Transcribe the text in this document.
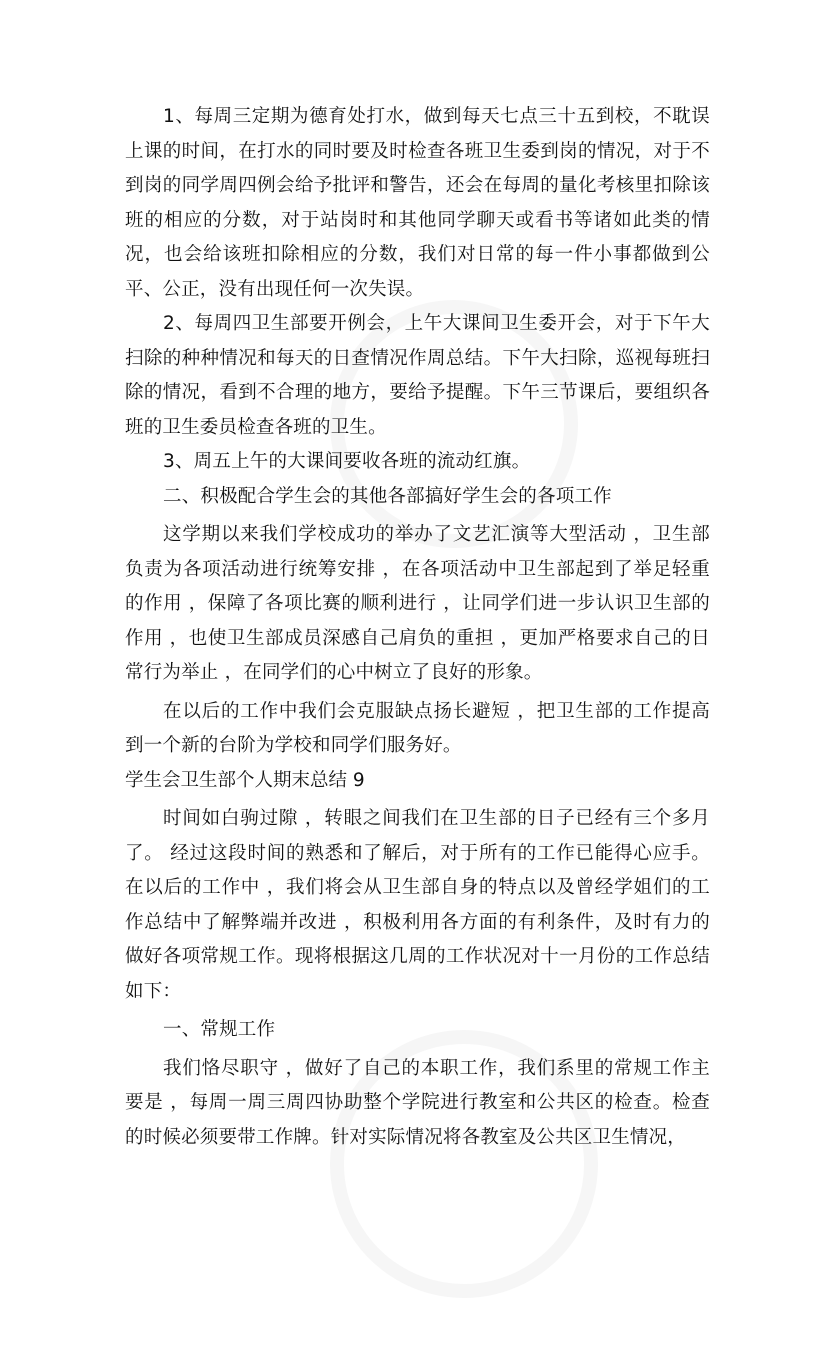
1、每周三定期为德育处打水，做到每天七点三十五到校，不耽误上课的时间，在打水的同时要及时检查各班卫生委到岗的情况，对于不到岗的同学周四例会给予批评和警告，还会在每周的量化考核里扣除该班的相应的分数，对于站岗时和其他同学聊天或看书等诸如此类的情况，也会给该班扣除相应的分数，我们对日常的每一件小事都做到公平、公正，没有出现任何一次失误。

2、每周四卫生部要开例会，上午大课间卫生委开会，对于下午大扫除的种种情况和每天的日查情况作周总结。下午大扫除，巡视每班扫除的情况，看到不合理的地方，要给予提醒。下午三节课后，要组织各班的卫生委员检查各班的卫生。

3、周五上午的大课间要收各班的流动红旗。

二、积极配合学生会的其他各部搞好学生会的各项工作

这学期以来我们学校成功的举办了文艺汇演等大型活动 ，卫生部负责为各项活动进行统筹安排 ，在各项活动中卫生部起到了举足轻重的作用 ，保障了各项比赛的顺利进行 ，让同学们进一步认识卫生部的作用 ，也使卫生部成员深感自己肩负的重担 ，更加严格要求自己的日常行为举止 ，在同学们的心中树立了良好的形象。

在以后的工作中我们会克服缺点扬长避短 ，把卫生部的工作提高到一个新的台阶为学校和同学们服务好。

学生会卫生部个人期末总结 9

时间如白驹过隙 ，转眼之间我们在卫生部的日子已经有三个多月了。 经过这段时间的熟悉和了解后，对于所有的工作已能得心应手。在以后的工作中 ，我们将会从卫生部自身的特点以及曾经学姐们的工作总结中了解弊端并改进 ，积极利用各方面的有利条件，及时有力的做好各项常规工作。现将根据这几周的工作状况对十一月份的工作总结如下：

一、常规工作

我们恪尽职守 ，做好了自己的本职工作，我们系里的常规工作主要是 ，每周一周三周四协助整个学院进行教室和公共区的检查。检查的时候必须要带工作牌。针对实际情况将各教室及公共区卫生情况，
